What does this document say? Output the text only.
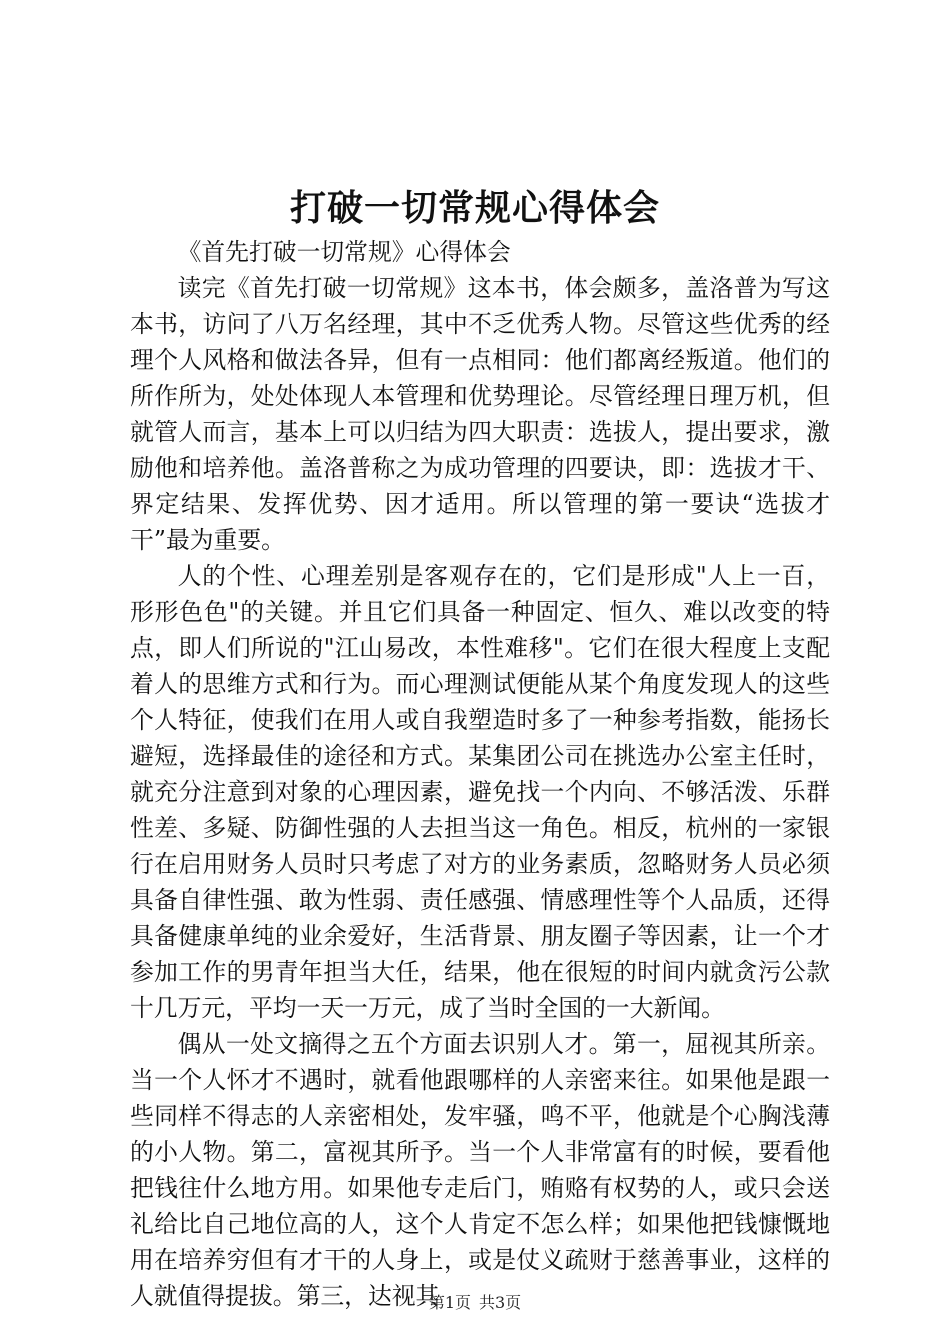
打破一切常规心得体会

《首先打破一切常规》心得体会

读完《首先打破一切常规》这本书，体会颇多，盖洛普为写这本书，访问了八万名经理，其中不乏优秀人物。尽管这些优秀的经理个人风格和做法各异，但有一点相同：他们都离经叛道。他们的所作所为，处处体现人本管理和优势理论。尽管经理日理万机，但就管人而言，基本上可以归结为四大职责：选拔人，提出要求，激励他和培养他。盖洛普称之为成功管理的四要诀，即：选拔才干、界定结果、发挥优势、因才适用。所以管理的第一要诀“选拔才干”最为重要。

人的个性、心理差别是客观存在的，它们是形成"人上一百，形形色色"的关键。并且它们具备一种固定、恒久、难以改变的特点，即人们所说的"江山易改，本性难移"。它们在很大程度上支配着人的思维方式和行为。而心理测试便能从某个角度发现人的这些个人特征，使我们在用人或自我塑造时多了一种参考指数，能扬长避短，选择最佳的途径和方式。某集团公司在挑选办公室主任时，就充分注意到对象的心理因素，避免找一个内向、不够活泼、乐群性差、多疑、防御性强的人去担当这一角色。相反，杭州的一家银行在启用财务人员时只考虑了对方的业务素质，忽略财务人员必须具备自律性强、敢为性弱、责任感强、情感理性等个人品质，还得具备健康单纯的业余爱好，生活背景、朋友圈子等因素，让一个才参加工作的男青年担当大任，结果，他在很短的时间内就贪污公款十几万元，平均一天一万元，成了当时全国的一大新闻。

偶从一处文摘得之五个方面去识别人才。第一，屈视其所亲。当一个人怀才不遇时，就看他跟哪样的人亲密来往。如果他是跟一些同样不得志的人亲密相处，发牢骚，鸣不平，他就是个心胸浅薄的小人物。第二，富视其所予。当一个人非常富有的时候，要看他把钱往什么地方用。如果他专走后门，贿赂有权势的人，或只会送礼给比自己地位高的人，这个人肯定不怎么样；如果他把钱慷慨地用在培养穷但有才干的人身上，或是仗义疏财于慈善事业，这样的人就值得提拔。第三，达视其

第1页 共3页
